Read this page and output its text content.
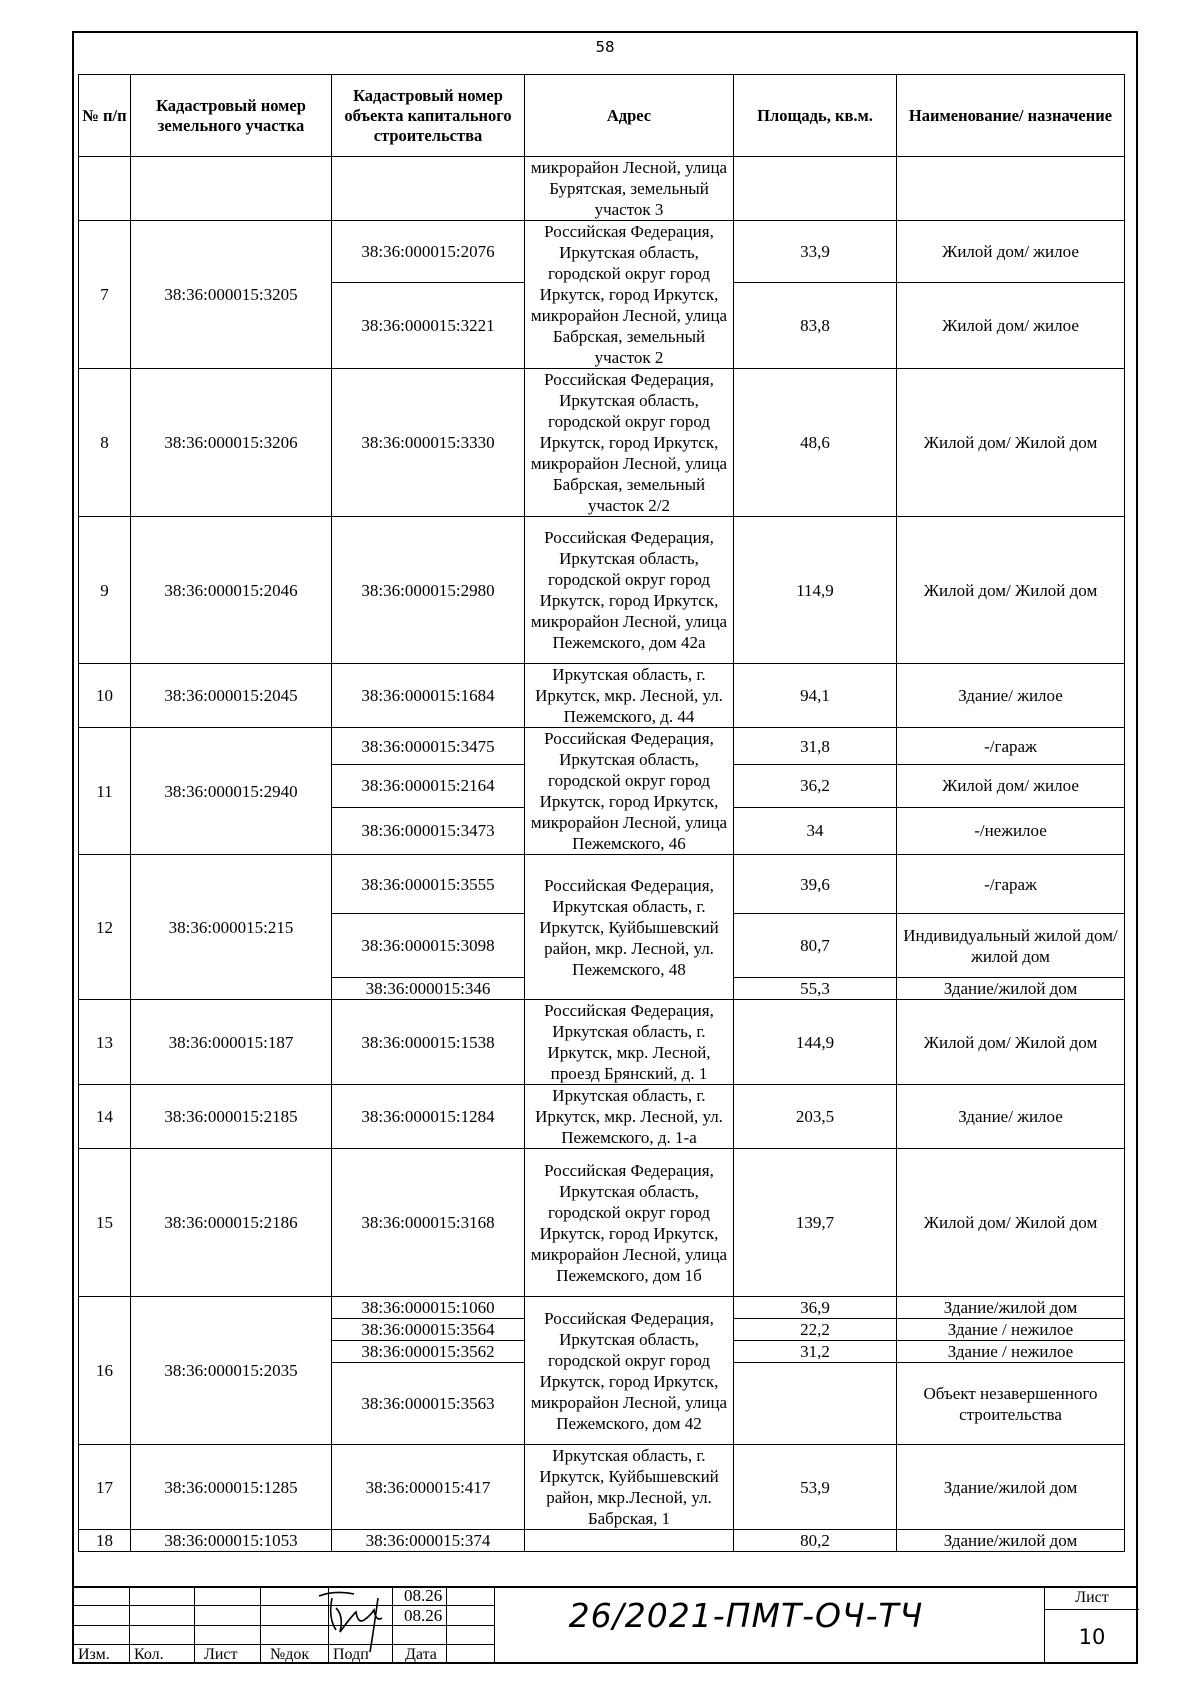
58
№ п/п	Кадастровый номер земельного участка	Кадастровый номер объекта капитального строительства	Адрес	Площадь, кв.м.	Наименование/ назначение
			микрорайон Лесной, улица Бурятская, земельный участок 3		
7	38:36:000015:3205	38:36:000015:2076	Российская Федерация, Иркутская область, городской округ город Иркутск, город Иркутск, микрорайон Лесной, улица Бабрская, земельный участок 2	33,9	Жилой дом/ жилое
		38:36:000015:3221		83,8	Жилой дом/ жилое
8	38:36:000015:3206	38:36:000015:3330	Российская Федерация, Иркутская область, городской округ город Иркутск, город Иркутск, микрорайон Лесной, улица Бабрская, земельный участок 2/2	48,6	Жилой дом/ Жилой дом
9	38:36:000015:2046	38:36:000015:2980	Российская Федерация, Иркутская область, городской округ город Иркутск, город Иркутск, микрорайон Лесной, улица Пежемского, дом 42а	114,9	Жилой дом/ Жилой дом
10	38:36:000015:2045	38:36:000015:1684	Иркутская область, г. Иркутск, мкр. Лесной, ул. Пежемского, д. 44	94,1	Здание/ жилое
11	38:36:000015:2940	38:36:000015:3475	Российская Федерация, Иркутская область, городской округ город Иркутск, город Иркутск, микрорайон Лесной, улица Пежемского, 46	31,8	-/гараж
		38:36:000015:2164		36,2	Жилой дом/ жилое
		38:36:000015:3473		34	-/нежилое
12	38:36:000015:215	38:36:000015:3555	Российская Федерация, Иркутская область, г. Иркутск, Куйбышевский район, мкр. Лесной, ул. Пежемского, 48	39,6	-/гараж
		38:36:000015:3098		80,7	Индивидуальный жилой дом/ жилой дом
		38:36:000015:346		55,3	Здание/жилой дом
13	38:36:000015:187	38:36:000015:1538	Российская Федерация, Иркутская область, г. Иркутск, мкр. Лесной, проезд Брянский, д. 1	144,9	Жилой дом/ Жилой дом
14	38:36:000015:2185	38:36:000015:1284	Иркутская область, г. Иркутск, мкр. Лесной, ул. Пежемского, д. 1-а	203,5	Здание/ жилое
15	38:36:000015:2186	38:36:000015:3168	Российская Федерация, Иркутская область, городской округ город Иркутск, город Иркутск, микрорайон Лесной, улица Пежемского, дом 1б	139,7	Жилой дом/ Жилой дом
16	38:36:000015:2035	38:36:000015:1060	Российская Федерация, Иркутская область, городской округ город Иркутск, город Иркутск, микрорайон Лесной, улица Пежемского, дом 42	36,9	Здание/жилой дом
		38:36:000015:3564		22,2	Здание / нежилое
		38:36:000015:3562		31,2	Здание / нежилое
		38:36:000015:3563			Объект незавершенного строительства
17	38:36:000015:1285	38:36:000015:417	Иркутская область, г. Иркутск, Куйбышевский район, мкр.Лесной, ул. Бабрская, 1	53,9	Здание/жилой дом
18	38:36:000015:1053	38:36:000015:374		80,2	Здание/жилой дом
Изм. Кол.	Лист №док Подп Дата
08.26
08.26	26/2021-ПМТ-ОЧ-ТЧ	Лист
10
